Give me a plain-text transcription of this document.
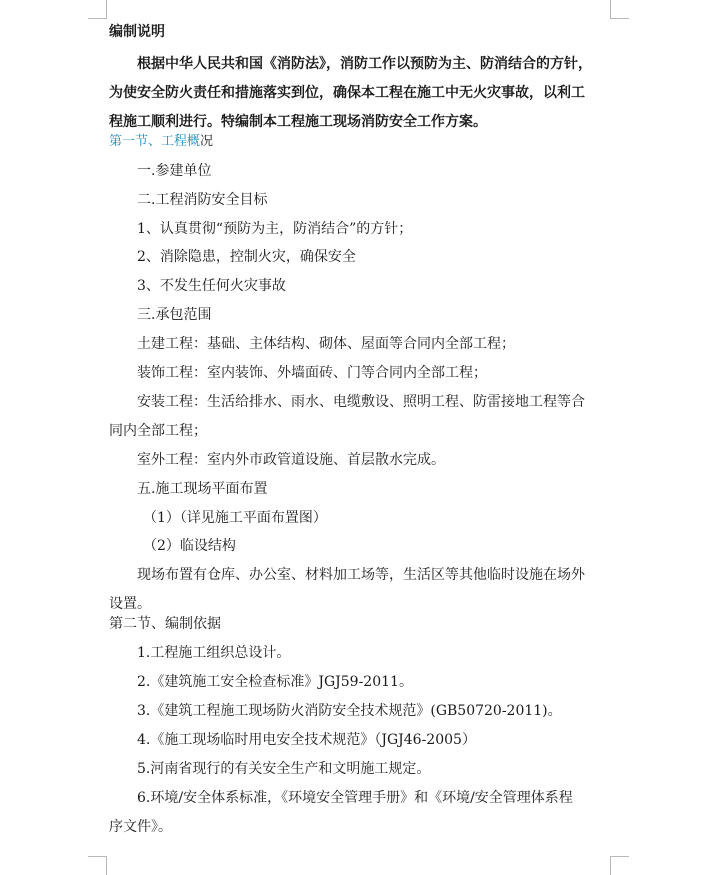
编制说明
根据中华人民共和国《消防法》，消防工作以预防为主、防消结合的方针，
为使安全防火责任和措施落实到位，确保本工程在施工中无火灾事故，以利工
程施工顺利进行。特编制本工程施工现场消防安全工作方案。
第一节、工程概况
一.参建单位
二.工程消防安全目标
1、认真贯彻“预防为主，防消结合”的方针；
2、消除隐患，控制火灾，确保安全
3、不发生任何火灾事故
三.承包范围
土建工程：基础、主体结构、砌体、屋面等合同内全部工程；
装饰工程：室内装饰、外墙面砖、门等合同内全部工程；
安装工程：生活给排水、雨水、电缆敷设、照明工程、防雷接地工程等合
同内全部工程；
室外工程：室内外市政管道设施、首层散水完成。
五.施工现场平面布置
（1）（详见施工平面布置图）
（2）临设结构
现场布置有仓库、办公室、材料加工场等，生活区等其他临时设施在场外
设置。
第二节、编制依据
1.工程施工组织总设计。
2.《建筑施工安全检查标准》JGJ59-2011。
3.《建筑工程施工现场防火消防安全技术规范》(GB50720-2011)。
4.《施工现场临时用电安全技术规范》（JGJ46-2005）
5.河南省现行的有关安全生产和文明施工规定。
6.环境/安全体系标准，《环境安全管理手册》和《环境/安全管理体系程
序文件》。
